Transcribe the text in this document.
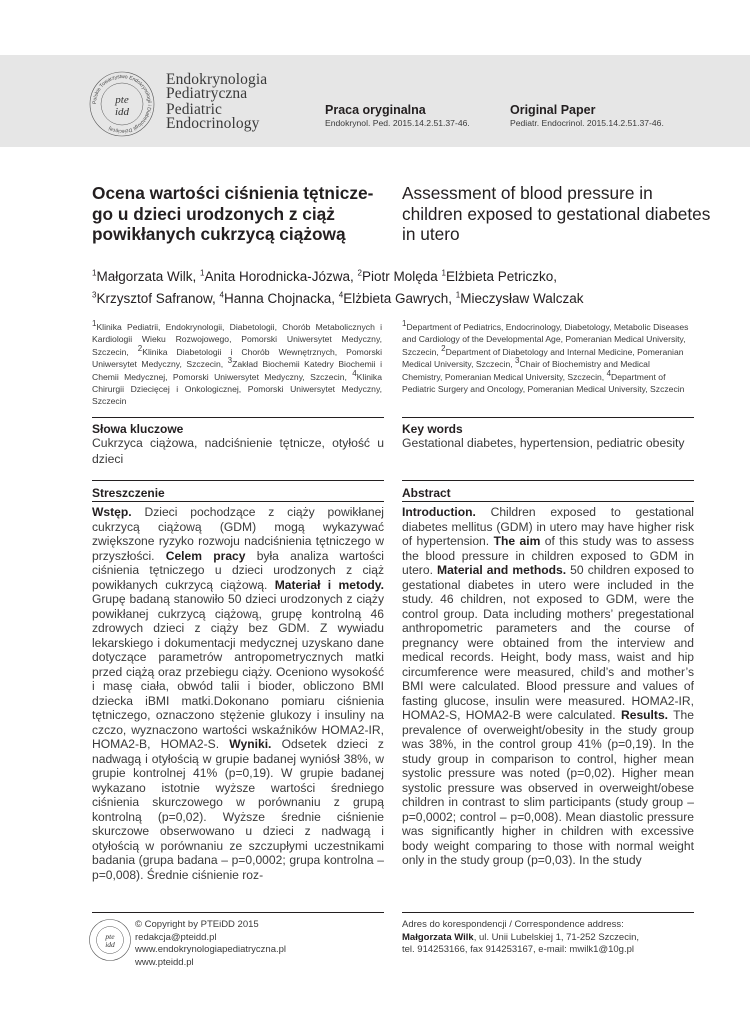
Polskie Towarzystwo Endokrynologii i Diabetologii Dziecięcej
pte
idd
Endokrynologia
Pediatryczna
Pediatric
Endocrinology
Praca oryginalna
Endokrynol. Ped. 2015.14.2.51.37-46.
Original Paper
Pediatr. Endocrinol. 2015.14.2.51.37-46.
Ocena wartości ciśnienia tętnicze-go u dzieci urodzonych z ciąż powikłanych cukrzycą ciążową
Assessment of blood pressure in children exposed to gestational diabetes in utero
$^1$Małgorzata Wilk, $^1$Anita Horodnicka-Józwa, $^2$Piotr Molęda $^1$Elżbieta Petriczko,
$^3$Krzysztof Safranow, $^4$Hanna Chojnacka, $^4$Elżbieta Gawrych, $^1$Mieczysław Walczak
$^1$Klinika Pediatrii, Endokrynologii, Diabetologii, Chorób Metabolicznych i Kardiologii Wieku Rozwojowego, Pomorski Uniwersytet Medyczny, Szczecin, $^2$Klinika Diabetologii i Chorób Wewnętrznych, Pomorski Uniwersytet Medyczny, Szczecin, $^3$Zakład Biochemii Katedry Biochemii i Chemii Medycznej, Pomorski Uniwersytet Medyczny, Szczecin, $^4$Klinika Chirurgii Dziecięcej i Onkologicznej, Pomorski Uniwersytet Medyczny, Szczecin
$^1$Department of Pediatrics, Endocrinology, Diabetology, Metabolic Diseases and Cardiology of the Developmental Age, Pomeranian Medical University, Szczecin, $^2$Department of Diabetology and Internal Medicine, Pomeranian Medical University, Szczecin, $^3$Chair of Biochemistry and Medical Chemistry, Pomeranian Medical University, Szczecin, $^4$Department of Pediatric Surgery and Oncology, Pomeranian Medical University, Szczecin
Słowa kluczowe	Key words
Cukrzyca ciążowa, nadciśnienie tętnicze, otyłość u dzieci
Gestational diabetes, hypertension, pediatric obesity
Streszczenie	Abstract
Wstęp. Dzieci pochodzące z ciąży powikłanej cukrzycą ciążową (GDM) mogą wykazywać zwiększone ryzyko rozwoju nadciśnienia tętniczego w przyszłości. Celem pracy była analiza wartości ciśnienia tętniczego u dzieci urodzonych z ciąż powikłanych cukrzycą ciążową. Materiał i metody. Grupę badaną stanowiło 50 dzieci urodzonych z ciąży powikłanej cukrzycą ciążową, grupę kontrolną 46 zdrowych dzieci z ciąży bez GDM. Z wywiadu lekarskiego i dokumentacji medycznej uzyskano dane dotyczące parametrów antropometrycznych matki przed ciążą oraz przebiegu ciąży. Oceniono wysokość i masę ciała, obwód talii i bioder, obliczono BMI dziecka iBMI matki.Dokonano pomiaru ciśnienia tętniczego, oznaczono stężenie glukozy i insuliny na czczo, wyznaczono wartości wskaźników HOMA2-IR, HOMA2-B, HOMA2-S. Wyniki. Odsetek dzieci z nadwagą i otyłością w grupie badanej wyniósł 38%, w grupie kontrolnej 41% (p=0,19). W grupie badanej wykazano istotnie wyższe wartości średniego ciśnienia skurczowego w porównaniu z grupą kontrolną (p=0,02). Wyższe średnie ciśnienie skurczowe obserwowano u dzieci z nadwagą i otyłością w porównaniu ze szczupłymi uczestnikami badania (grupa badana – p=0,0002; grupa kontrolna – p=0,008). Średnie ciśnienie roz-
Introduction. Children exposed to gestational diabetes mellitus (GDM) in utero may have higher risk of hypertension. The aim of this study was to assess the blood pressure in children exposed to GDM in utero. Material and methods. 50 children exposed to gestational diabetes in utero were included in the study. 46 children, not exposed to GDM, were the control group. Data including mothers’ pregestational anthropometric parameters and the course of pregnancy were obtained from the interview and medical records. Height, body mass, waist and hip circumference were measured, child’s and mother’s BMI were calculated. Blood pressure and values of fasting glucose, insulin were measured. HOMA2-IR, HOMA2-S, HOMA2-B were calculated. Results. The prevalence of overweight/obesity in the study group was 38%, in the control group 41% (p=0,19). In the study group in comparison to control, higher mean systolic pressure was noted (p=0,02). Higher mean systolic pressure was observed in overweight/obese children in contrast to slim participants (study group – p=0,0002; control – p=0,008). Mean diastolic pressure was significantly higher in children with excessive body weight comparing to those with normal weight only in the study group (p=0,03). In the study
pte
idd
© Copyright by PTEiDD 2015
redakcja@pteidd.pl
www.endokrynologiapediatryczna.pl
www.pteidd.pl
Adres do korespondencji / Correspondence address:
Małgorzata Wilk, ul. Unii Lubelskiej 1, 71-252 Szczecin,
tel. 914253166, fax 914253167, e-mail: mwilk1@10g.pl
